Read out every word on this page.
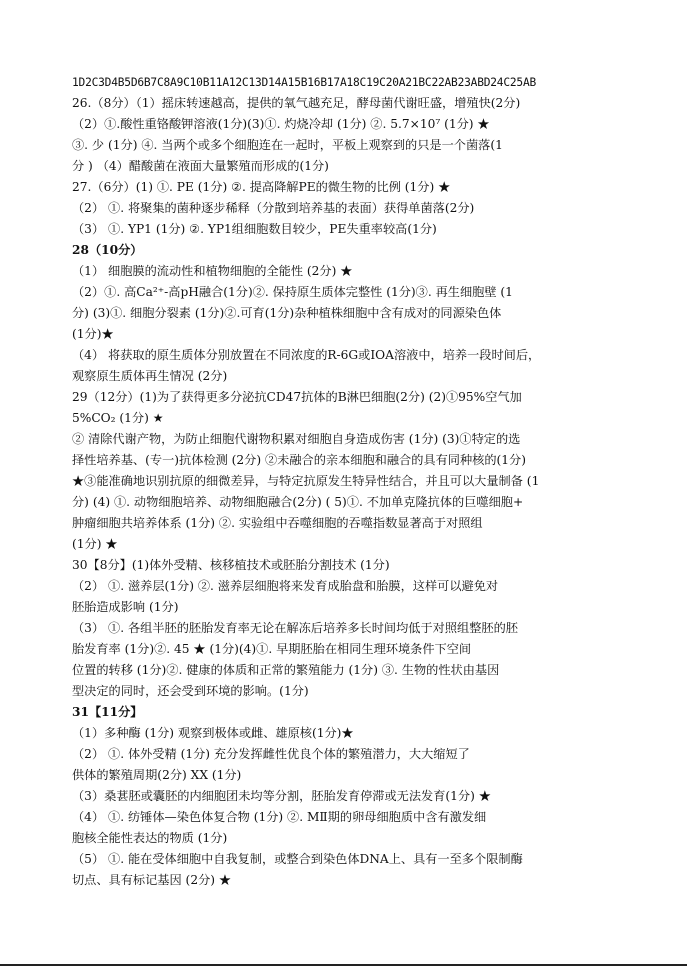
1D2C3D4B5D6B7C8A9C10B11A12C13D14A15B16B17A18C19C20A21BC22AB23ABD24C25AB
26.（8分）（1）摇床转速越高，提供的氧气越充足，酵母菌代谢旺盛，增殖快(2分)
（2）①.酸性重铬酸钾溶液(1分)(3)①. 灼烧冷却 (1分) ②. 5.7×10⁷ (1分) ★
③. 少 (1分) ④. 当两个或多个细胞连在一起时，平板上观察到的只是一个菌落(1
分 ) （4）醋酸菌在液面大量繁殖而形成的(1分)
27.（6分）(1) ①. PE (1分) ②. 提高降解PE的微生物的比例 (1分) ★
（2） ①. 将聚集的菌种逐步稀释（分散到培养基的表面）获得单菌落(2分)
（3） ①. YP1 (1分) ②. YP1组细胞数目较少，PE失重率较高(1分)
28（10分）
（1） 细胞膜的流动性和植物细胞的全能性 (2分) ★
（2）①. 高Ca²⁺-高pH融合(1分)②. 保持原生质体完整性 (1分)③. 再生细胞壁 (1
分) (3)①. 细胞分裂素 (1分)②.可育(1分)杂种植株细胞中含有成对的同源染色体
(1分)★
（4） 将获取的原生质体分别放置在不同浓度的R-6G或IOA溶液中，培养一段时间后，
观察原生质体再生情况 (2分)
29（12分）(1)为了获得更多分泌抗CD47抗体的B淋巴细胞(2分) (2)①95%空气加
5%CO₂ (1分) ★
② 清除代谢产物，为防止细胞代谢物积累对细胞自身造成伤害 (1分) (3)①特定的选
择性培养基、(专一)抗体检测 (2分) ②未融合的亲本细胞和融合的具有同种核的(1分)
★③能准确地识别抗原的细微差异，与特定抗原发生特异性结合，并且可以大量制备 (1
分) (4) ①. 动物细胞培养、动物细胞融合(2分) ( 5)①. 不加单克隆抗体的巨噬细胞+
肿瘤细胞共培养体系 (1分) ②. 实验组中吞噬细胞的吞噬指数显著高于对照组
(1分) ★
30【8分】(1)体外受精、核移植技术或胚胎分割技术 (1分)
（2） ①. 滋养层(1分) ②. 滋养层细胞将来发育成胎盘和胎膜，这样可以避免对
胚胎造成影响 (1分)
（3） ①. 各组半胚的胚胎发育率无论在解冻后培养多长时间均低于对照组整胚的胚
胎发育率 (1分)②. 45 ★ (1分)(4)①. 早期胚胎在相同生理环境条件下空间
位置的转移 (1分)②. 健康的体质和正常的繁殖能力 (1分) ③. 生物的性状由基因
型决定的同时，还会受到环境的影响。(1分)
31【11分】
（1）多种酶 (1分) 观察到极体或雌、雄原核(1分)★
（2） ①. 体外受精 (1分) 充分发挥雌性优良个体的繁殖潜力，大大缩短了
供体的繁殖周期(2分) XX (1分)
（3）桑葚胚或囊胚的内细胞团未均等分割，胚胎发育停滞或无法发育(1分) ★
（4） ①. 纺锤体—染色体复合物 (1分) ②. MⅡ期的卵母细胞质中含有激发细
胞核全能性表达的物质 (1分)
（5） ①. 能在受体细胞中自我复制，或整合到染色体DNA上、具有一至多个限制酶
切点、具有标记基因 (2分) ★
